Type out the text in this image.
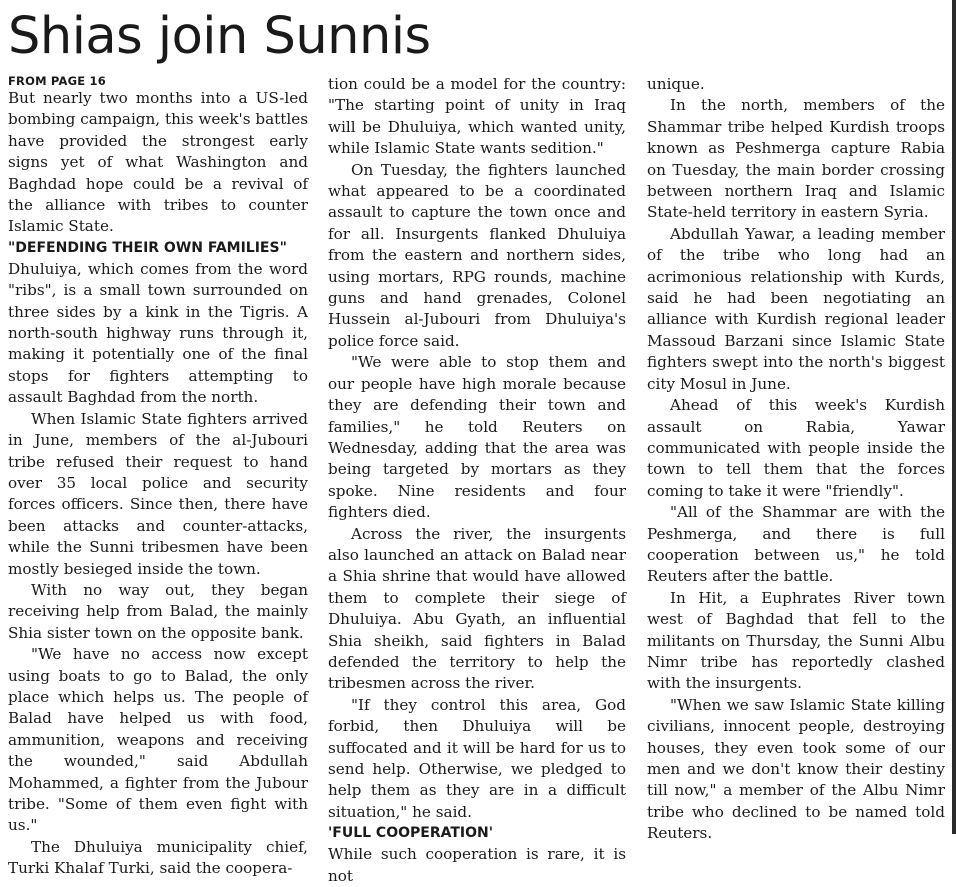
Shias join Sunnis

FROM PAGE 16

But nearly two months into a US-led bombing campaign, this week's battles have provided the strongest early signs yet of what Washington and Baghdad hope could be a revival of the alliance with tribes to counter Islamic State.

"DEFENDING THEIR OWN FAMILIES"

Dhuluiya, which comes from the word "ribs", is a small town surrounded on three sides by a kink in the Tigris. A north-south highway runs through it, making it potentially one of the final stops for fighters attempting to assault Baghdad from the north.

When Islamic State fighters arrived in June, members of the al-Jubouri tribe refused their request to hand over 35 local police and security forces officers. Since then, there have been attacks and counter-attacks, while the Sunni tribesmen have been mostly besieged inside the town.

With no way out, they began receiving help from Balad, the mainly Shia sister town on the opposite bank.

"We have no access now except using boats to go to Balad, the only place which helps us. The people of Balad have helped us with food, ammunition, weapons and receiving the wounded," said Abdullah Mohammed, a fighter from the Jubour tribe. "Some of them even fight with us."

The Dhuluiya municipality chief, Turki Khalaf Turki, said the coopera-

tion could be a model for the country: "The starting point of unity in Iraq will be Dhuluiya, which wanted unity, while Islamic State wants sedition."

On Tuesday, the fighters launched what appeared to be a coordinated assault to capture the town once and for all. Insurgents flanked Dhuluiya from the eastern and northern sides, using mortars, RPG rounds, machine guns and hand grenades, Colonel Hussein al-Jubouri from Dhuluiya's police force said.

"We were able to stop them and our people have high morale because they are defending their town and families," he told Reuters on Wednesday, adding that the area was being targeted by mortars as they spoke. Nine residents and four fighters died.

Across the river, the insurgents also launched an attack on Balad near a Shia shrine that would have allowed them to complete their siege of Dhuluiya. Abu Gyath, an influential Shia sheikh, said fighters in Balad defended the territory to help the tribesmen across the river.

"If they control this area, God forbid, then Dhuluiya will be suffocated and it will be hard for us to send help. Otherwise, we pledged to help them as they are in a difficult situation," he said.

'FULL COOPERATION'

While such cooperation is rare, it is not

unique.

In the north, members of the Shammar tribe helped Kurdish troops known as Peshmerga capture Rabia on Tuesday, the main border crossing between northern Iraq and Islamic State-held territory in eastern Syria.

Abdullah Yawar, a leading member of the tribe who long had an acrimonious relationship with Kurds, said he had been negotiating an alliance with Kurdish regional leader Massoud Barzani since Islamic State fighters swept into the north's biggest city Mosul in June.

Ahead of this week's Kurdish assault on Rabia, Yawar communicated with people inside the town to tell them that the forces coming to take it were "friendly".

"All of the Shammar are with the Peshmerga, and there is full cooperation between us," he told Reuters after the battle.

In Hit, a Euphrates River town west of Baghdad that fell to the militants on Thursday, the Sunni Albu Nimr tribe has reportedly clashed with the insurgents.

"When we saw Islamic State killing civilians, innocent people, destroying houses, they even took some of our men and we don't know their destiny till now," a member of the Albu Nimr tribe who declined to be named told Reuters.
